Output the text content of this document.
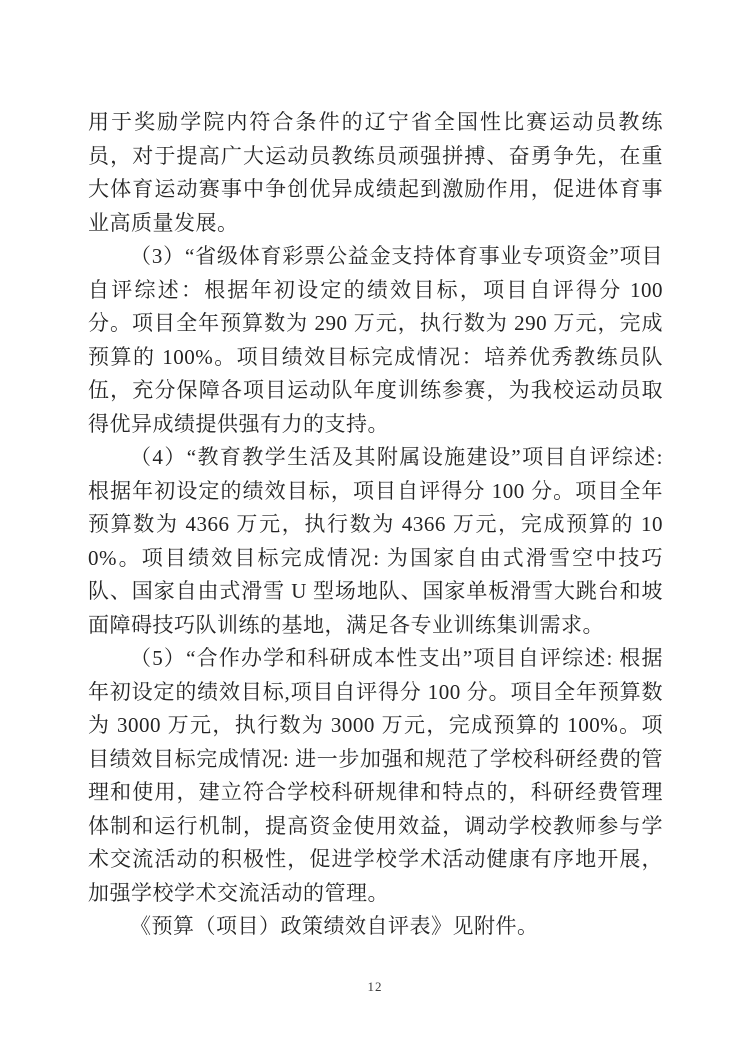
用于奖励学院内符合条件的辽宁省全国性比赛运动员教练员，对于提高广大运动员教练员顽强拼搏、奋勇争先，在重大体育运动赛事中争创优异成绩起到激励作用，促进体育事业高质量发展。

（3）“省级体育彩票公益金支持体育事业专项资金”项目自评综述：根据年初设定的绩效目标，项目自评得分 100 分。项目全年预算数为 290 万元，执行数为 290 万元，完成预算的 100%。项目绩效目标完成情况：培养优秀教练员队伍，充分保障各项目运动队年度训练参赛，为我校运动员取得优异成绩提供强有力的支持。

（4）“教育教学生活及其附属设施建设”项目自评综述: 根据年初设定的绩效目标，项目自评得分 100 分。项目全年预算数为 4366 万元，执行数为 4366 万元，完成预算的 100%。项目绩效目标完成情况: 为国家自由式滑雪空中技巧队、国家自由式滑雪 U 型场地队、国家单板滑雪大跳台和坡面障碍技巧队训练的基地，满足各专业训练集训需求。

（5）“合作办学和科研成本性支出”项目自评综述: 根据年初设定的绩效目标,项目自评得分 100 分。项目全年预算数为 3000 万元，执行数为 3000 万元，完成预算的 100%。项目绩效目标完成情况: 进一步加强和规范了学校科研经费的管理和使用，建立符合学校科研规律和特点的，科研经费管理体制和运行机制，提高资金使用效益，调动学校教师参与学术交流活动的积极性，促进学校学术活动健康有序地开展，加强学校学术交流活动的管理。

《预算（项目）政策绩效自评表》见附件。

12
